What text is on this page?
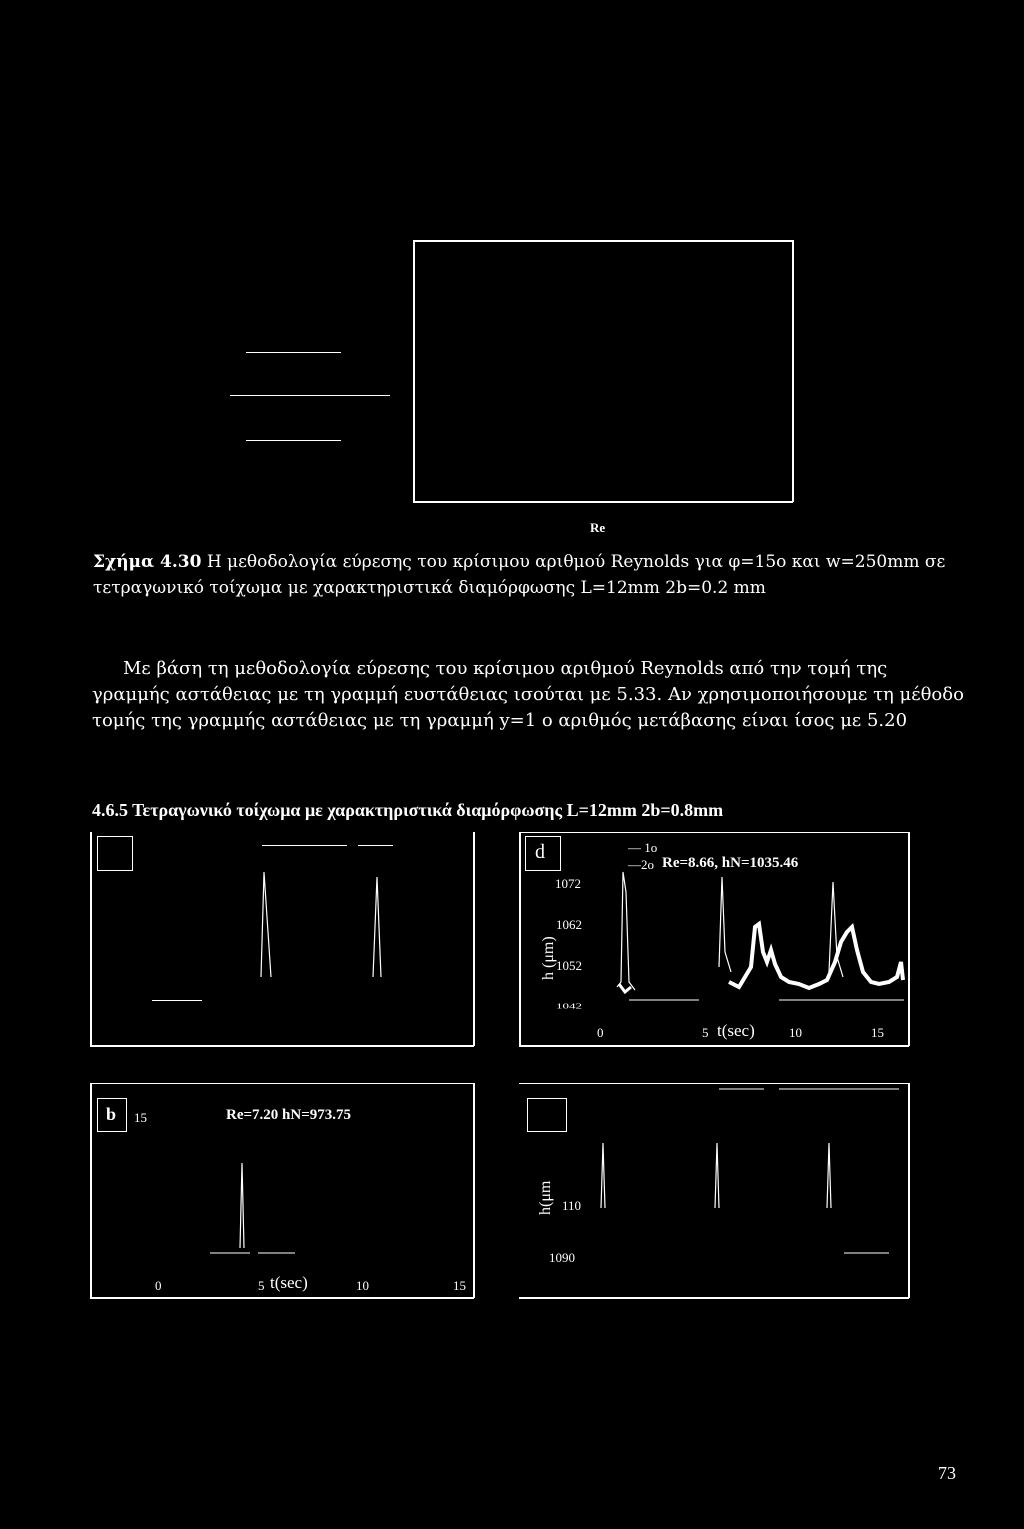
Re
Σχήμα 4.30 Η μεθοδολογία εύρεσης του κρίσιμου αριθμού Reynolds για φ=15ο και w=250mm σε
τετραγωνικό τοίχωμα με χαρακτηριστικά διαμόρφωσης L=12mm 2b=0.2 mm
Με βάση τη μεθοδολογία εύρεσης του κρίσιμου αριθμού Reynolds από την τομή της
γραμμής αστάθειας με τη γραμμή ευστάθειας ισούται με 5.33. Αν χρησιμοποιήσουμε τη μέθοδο
τομής της γραμμής αστάθειας με τη γραμμή y=1 ο αριθμός μετάβασης είναι ίσος με 5.20
4.6.5 Τετραγωνικό τοίχωμα με χαρακτηριστικά διαμόρφωσης L=12mm 2b=0.8mm
d	— 1o
—2o Re=8.66, hN=1035.46
h (μm)
1072
1062
1052
1042
0	5 t(sec)	10	15
b 15	Re=7.20 hN=973.75
0	5 t(sec)	10	15
h(μm 110
1090
73
